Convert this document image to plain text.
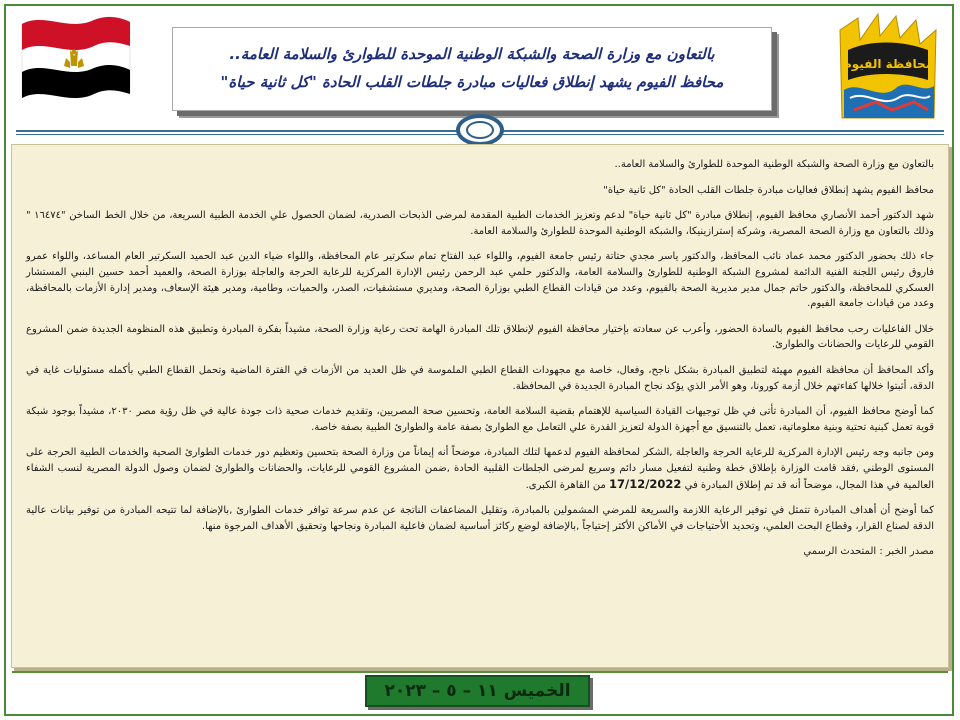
محافظة الفيوم
بالتعاون مع وزارة الصحة والشبكة الوطنية الموحدة للطوارئ والسلامة العامة..
محافظ الفيوم يشهد إنطلاق فعاليات مبادرة جلطات القلب الحادة "كل ثانية حياة"

بالتعاون مع وزارة الصحة والشبكة الوطنية الموحدة للطوارئ والسلامة العامة..

محافظ الفيوم يشهد إنطلاق فعاليات مبادرة جلطات القلب الحادة "كل ثانية حياة"

شهد الدكتور أحمد الأنصاري محافظ الفيوم، إنطلاق مبادرة "كل ثانية حياة" لدعم وتعزيز الخدمات الطبية المقدمة لمرضى الذبحات الصدرية، لضمان الحصول علي الخدمة الطبية السريعة، من خلال الخط الساخن "١٦٤٧٤ " وذلك بالتعاون مع وزارة الصحة المصرية، وشركة إسترازينيكا، والشبكة الوطنية الموحدة للطوارئ والسلامة العامة.

جاء ذلك بحضور الدكتور محمد عماد نائب المحافظ، والدكتور ياسر مجدي حتاتة رئيس جامعة الفيوم، واللواء عبد الفتاح تمام سكرتير عام المحافظة، واللواء ضياء الدين عبد الحميد السكرتير العام المساعد، واللواء عمرو فاروق رئيس اللجنة الفنية الدائمة لمشروع الشبكة الوطنية للطوارئ والسلامة العامة، والدكتور حلمي عبد الرحمن رئيس الإدارة المركزية للرعاية الحرجة والعاجلة بوزارة الصحة، والعميد أحمد حسين البنبي المستشار العسكري للمحافظة، والدكتور حاتم جمال مدير مديرية الصحة بالفيوم، وعدد من قيادات القطاع الطبي بوزارة الصحة، ومديري مستشفيات، الصدر، والحميات، وطامية، ومدير هيئة الإسعاف، ومدير إدارة الأزمات بالمحافظة، وعدد من قيادات جامعة الفيوم.

خلال الفاعليات رحب محافظ الفيوم بالسادة الحضور، وأعرب عن سعادته بإختيار محافظة الفيوم لإنطلاق تلك المبادرة الهامة تحت رعاية وزارة الصحة، مشيداً بفكرة المبادرة وتطبيق هذه المنظومة الجديدة ضمن المشروع القومي للرعايات والحضانات والطوارئ.

وأكد المحافظ أن محافظة الفيوم مهيئة لتطبيق المبادرة بشكل ناجح، وفعال، خاصة مع مجهودات القطاع الطبي الملموسة في ظل العديد من الأزمات في الفترة الماضية وتحمل القطاع الطبي بأكمله مسئوليات غاية في الدقة، أثبتوا خلالها كفاءتهم خلال أزمة كورونا، وهو الأمر الذي يؤكد نجاح المبادرة الجديدة في المحافظة.

كما أوضح محافظ الفيوم، أن المبادرة تأتى في ظل توجيهات القيادة السياسية للإهتمام بقضية السلامة العامة، وتحسين صحة المصريين، وتقديم خدمات صحية ذات جودة عالية في ظل رؤية مصر ٢٠٣٠، مشيداً بوجود شبكة قوية تعمل كبنية تحتية وبنية معلوماتية، تعمل بالتنسيق مع أجهزة الدولة لتعزيز القدرة علي التعامل مع الطوارئ بصفة عامة والطوارئ الطبية بصفة خاصة.

ومن جانبه وجه رئيس الإدارة المركزية للرعاية الحرجة والعاجلة ,الشكر لمحافظة الفيوم لدعمها لتلك المبادرة، موضحاً أنه إيماناً من وزارة الصحة بتحسين وتعظيم دور خدمات الطوارئ الصحية والخدمات الطبية الحرجة على المستوى الوطني ,فقد قامت الوزارة بإطلاق خطة وطنية لتفعيل مسار دائم وسريع لمرضى الجلطات القلبية الحادة ,ضمن المشروع القومي للرعايات، والحضانات والطوارئ لضمان وصول الدولة المصرية لنسب الشفاء العالمية في هذا المجال، موضحاً أنه قد تم إطلاق المبادرة في 17/12/2022 من القاهرة الكبرى.

كما أوضح أن أهداف المبادرة تتمثل في توفير الرعاية اللازمة والسريعة للمرضي المشمولين بالمبادرة، وتقليل المضاعفات الناتجة عن عدم سرعة توافر خدمات الطوارئ ,بالإضافة لما تتيحه المبادرة من توفير بيانات عالية الدقة لصناع القرار، وقطاع البحث العلمي، وتحديد الأحتياجات في الأماكن الأكثر إحتياجاً ,بالإضافة لوضع ركائز أساسية لضمان فاعلية المبادرة ونجاحها وتحقيق الأهداف المرجوة منها.

مصدر الخبر : المتحدث الرسمي

الخميس ١١ – ٥ – ٢٠٢٣
